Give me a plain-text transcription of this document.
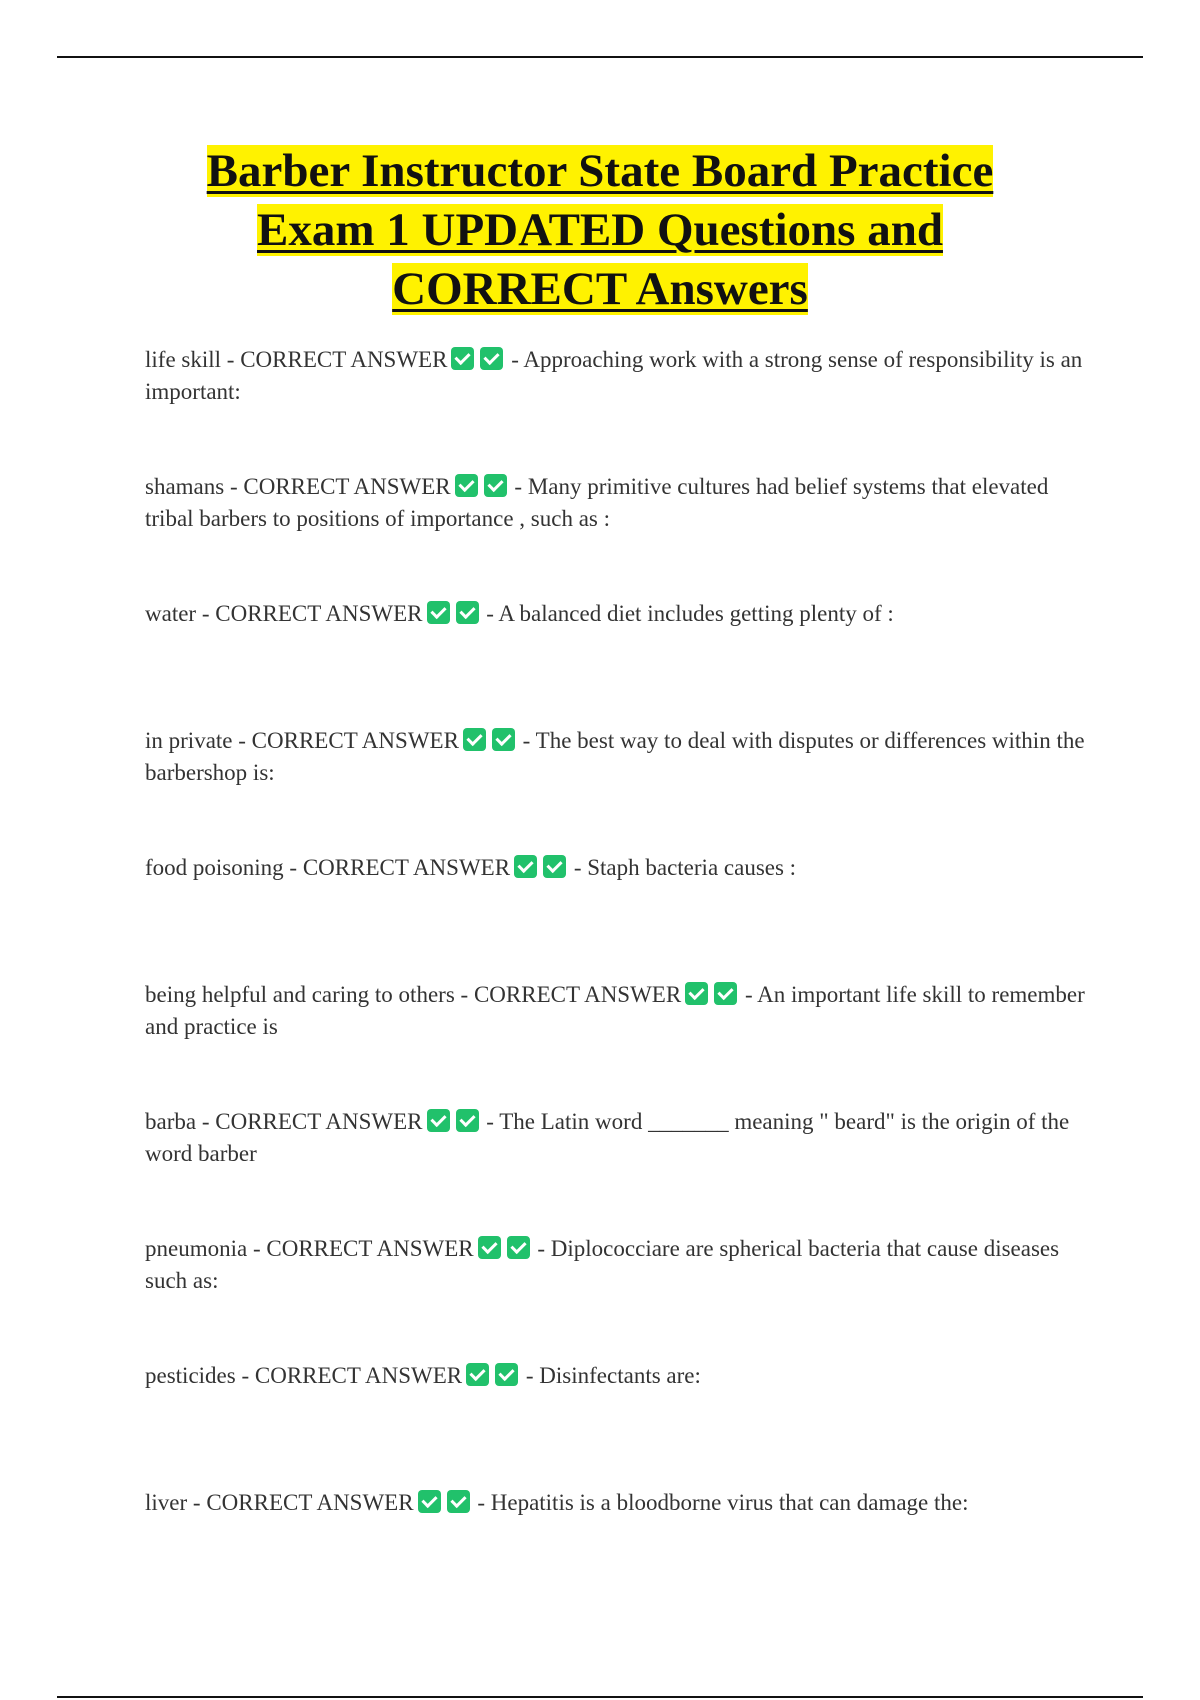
Barber Instructor State Board Practice
Exam 1 UPDATED Questions and
CORRECT Answers
life skill - CORRECT ANSWER	- Approaching work with a strong sense of responsibility is an important:
shamans - CORRECT ANSWER	- Many primitive cultures had belief systems that elevated tribal barbers to positions of importance , such as :
water - CORRECT ANSWER	- A balanced diet includes getting plenty of :
in private - CORRECT ANSWER	- The best way to deal with disputes or differences within the barbershop is:
food poisoning - CORRECT ANSWER	- Staph bacteria causes :
being helpful and caring to others - CORRECT ANSWER	- An important life skill to remember and practice is
barba - CORRECT ANSWER	- The Latin word _______ meaning " beard" is the origin of the word barber
pneumonia - CORRECT ANSWER	- Diplococciare are spherical bacteria that cause diseases such as:
pesticides - CORRECT ANSWER	- Disinfectants are:
liver - CORRECT ANSWER	- Hepatitis is a bloodborne virus that can damage the:
